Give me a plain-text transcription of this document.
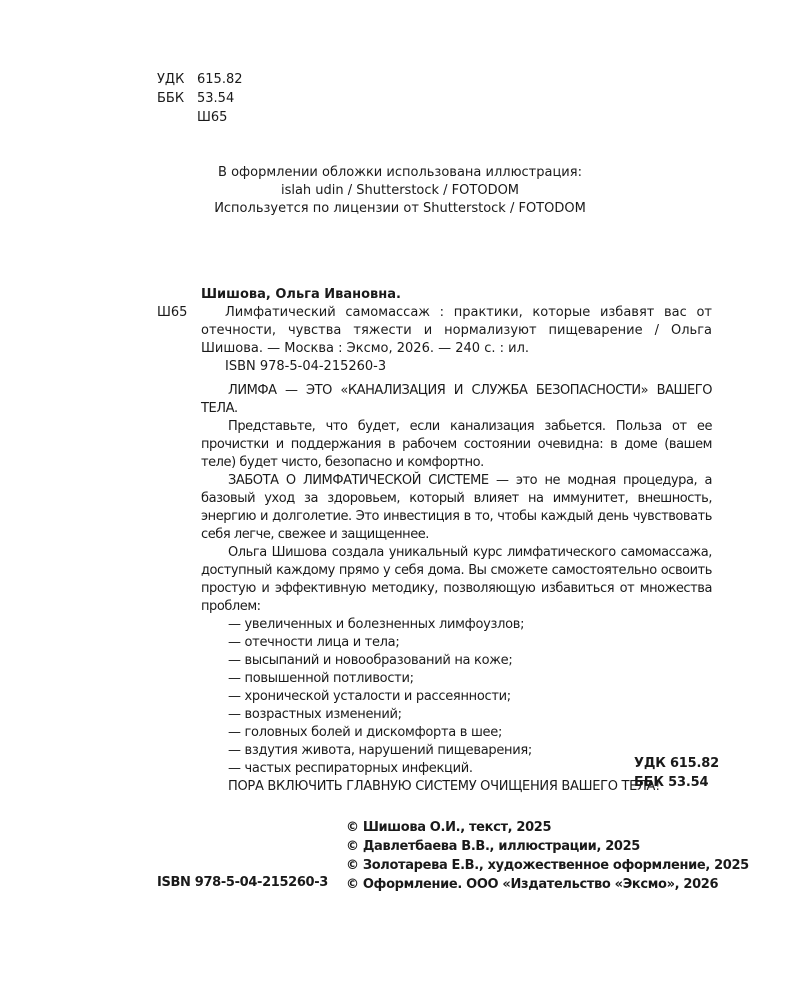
УДК 615.82
ББК 53.54
Ш65
В оформлении обложки использована иллюстрация:
islah udin / Shutterstock / FOTODOM
Используется по лицензии от Shutterstock / FOTODOM
Ш65
Шишова, Ольга Ивановна.

Лимфатический самомассаж : практики, которые избавят вас от отечности, чувства тяжести и нормализуют пищеварение / Ольга Шишова. — Москва : Эксмо, 2026. — 240 с. : ил.

ISBN 978-5-04-215260-3

ЛИМФА — ЭТО «КАНАЛИЗАЦИЯ И СЛУЖБА БЕЗОПАСНОСТИ» ВАШЕГО ТЕЛА.

Представьте, что будет, если канализация забьется. Польза от ее прочистки и поддержания в рабочем состоянии очевидна: в доме (вашем теле) будет чисто, безопасно и комфортно.

ЗАБОТА О ЛИМФАТИЧЕСКОЙ СИСТЕМЕ — это не модная процедура, а базовый уход за здоровьем, который влияет на иммунитет, внешность, энергию и долголетие. Это инвестиция в то, чтобы каждый день чувствовать себя легче, свежее и защищеннее.

Ольга Шишова создала уникальный курс лимфатического самомассажа, доступный каждому прямо у себя дома. Вы сможете самостоятельно освоить простую и эффективную методику, позволяющую избавиться от множества проблем:

— увеличенных и болезненных лимфоузлов;

— отечности лица и тела;

— высыпаний и новообразований на коже;

— повышенной потливости;

— хронической усталости и рассеянности;

— возрастных изменений;

— головных болей и дискомфорта в шее;

— вздутия живота, нарушений пищеварения;

— частых респираторных инфекций.

ПОРА ВКЛЮЧИТЬ ГЛАВНУЮ СИСТЕМУ ОЧИЩЕНИЯ ВАШЕГО ТЕЛА!

УДК 615.82
ББК 53.54
© Шишова О.И., текст, 2025
© Давлетбаева В.В., иллюстрации, 2025
© Золотарева Е.В., художественное оформление, 2025
© Оформление. ООО «Издательство «Эксмо», 2026
ISBN 978-5-04-215260-3
